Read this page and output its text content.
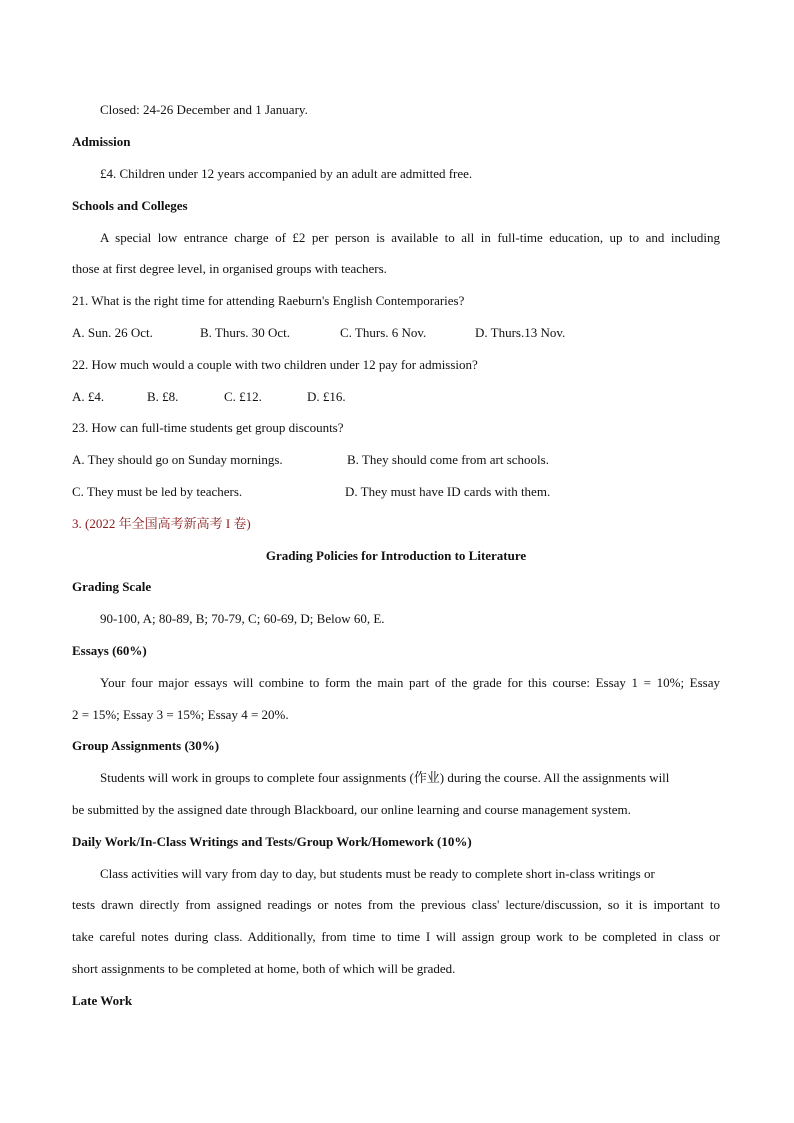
Closed: 24-26 December and 1 January.
Admission
£4. Children under 12 years accompanied by an adult are admitted free.
Schools and Colleges
A special low entrance charge of £2 per person is available to all in full-time education, up to and including
those at first degree level, in organised groups with teachers.
21. What is the right time for attending Raeburn's English Contemporaries?
A. Sun. 26 Oct.	B. Thurs. 30 Oct.	C. Thurs. 6 Nov.	D. Thurs.13 Nov.
22. How much would a couple with two children under 12 pay for admission?
A. £4.	B. £8.	C. £12.	D. £16.
23. How can full-time students get group discounts?
A. They should go on Sunday mornings.	B. They should come from art schools.
C. They must be led by teachers.	D. They must have ID cards with them.
3. (2022 年全国高考新高考 I 卷)
Grading Policies for Introduction to Literature
Grading Scale
90-100, A; 80-89, B; 70-79, C; 60-69, D; Below 60, E.
Essays (60%)
Your four major essays will combine to form the main part of the grade for this course: Essay 1 = 10%; Essay
2 = 15%; Essay 3 = 15%; Essay 4 = 20%.
Group Assignments (30%)
Students will work in groups to complete four assignments (作业) during the course. All the assignments will
be submitted by the assigned date through Blackboard, our online learning and course management system.
Daily Work/In-Class Writings and Tests/Group Work/Homework (10%)
Class activities will vary from day to day, but students must be ready to complete short in-class writings or
tests drawn directly from assigned readings or notes from the previous class' lecture/discussion, so it is important to
take careful notes during class. Additionally, from time to time I will assign group work to be completed in class or
short assignments to be completed at home, both of which will be graded.
Late Work
